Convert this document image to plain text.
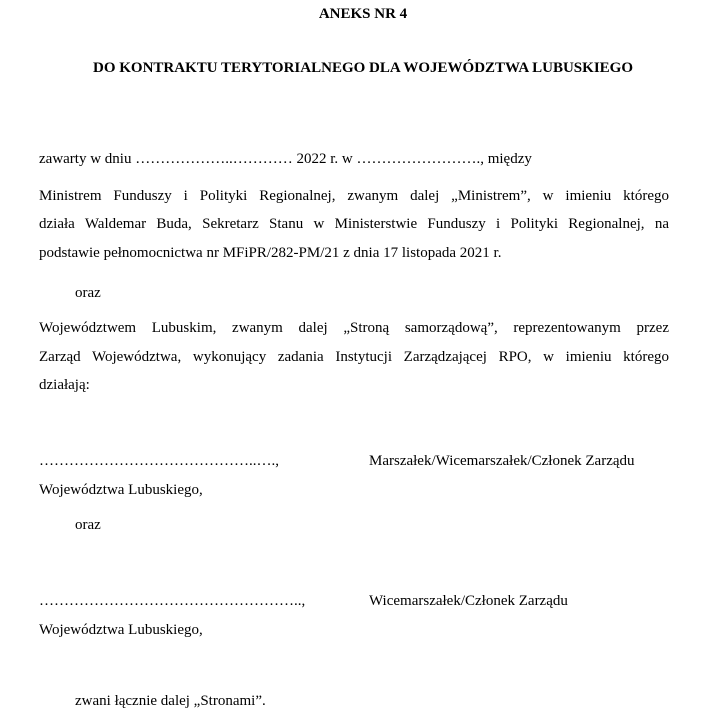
ANEKS NR 4
DO KONTRAKTU TERYTORIALNEGO DLA WOJEWÓDZTWA LUBUSKIEGO
zawarty w dniu ………………..………… 2022 r. w ……………………., między
Ministrem Funduszy i Polityki Regionalnej, zwanym dalej „Ministrem”, w imieniu którego
działa Waldemar Buda, Sekretarz Stanu w Ministerstwie Funduszy i Polityki Regionalnej, na
podstawie pełnomocnictwa nr MFiPR/282-PM/21 z dnia 17 listopada 2021 r.
oraz
Województwem Lubuskim, zwanym dalej „Stroną samorządową”, reprezentowanym przez
Zarząd Województwa, wykonujący zadania Instytucji Zarządzającej RPO, w imieniu którego
działają:
……………………………………..….,	Marszałek/Wicemarszałek/Członek Zarządu
Województwa Lubuskiego,
oraz
……………………………………………..,	Wicemarszałek/Członek Zarządu
Województwa Lubuskiego,
zwani łącznie dalej „Stronami”.
